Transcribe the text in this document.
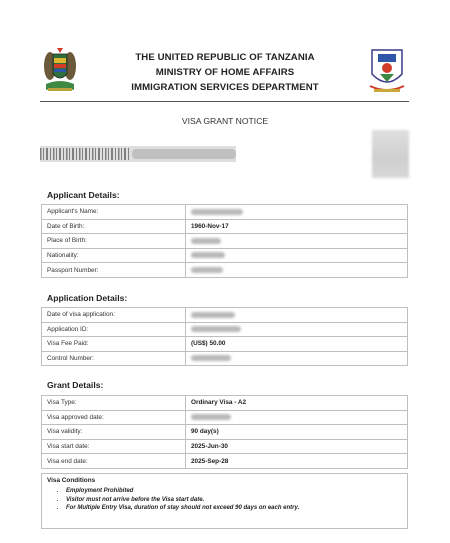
THE UNITED REPUBLIC OF TANZANIA
MINISTRY OF HOME AFFAIRS
IMMIGRATION SERVICES DEPARTMENT
VISA GRANT NOTICE
Applicant Details:
Applicant's Name:	
Date of Birth:	1960-Nov-17
Place of Birth:	
Nationality:	
Passport Number:	
Application Details:
Date of visa application:	
Application ID:	
Visa Fee Paid:	(US$) 50.00
Control Number:	
Grant Details:
Visa Type:	Ordinary Visa - A2
Visa approved date:	
Visa validity:	90 day(s)
Visa start date:	2025-Jun-30
Visa end date:	2025-Sep-28
Visa Conditions
• Employment Prohibited
• Visitor must not arrive before the Visa start date.
• For Multiple Entry Visa, duration of stay should not exceed 90 days on each entry.
